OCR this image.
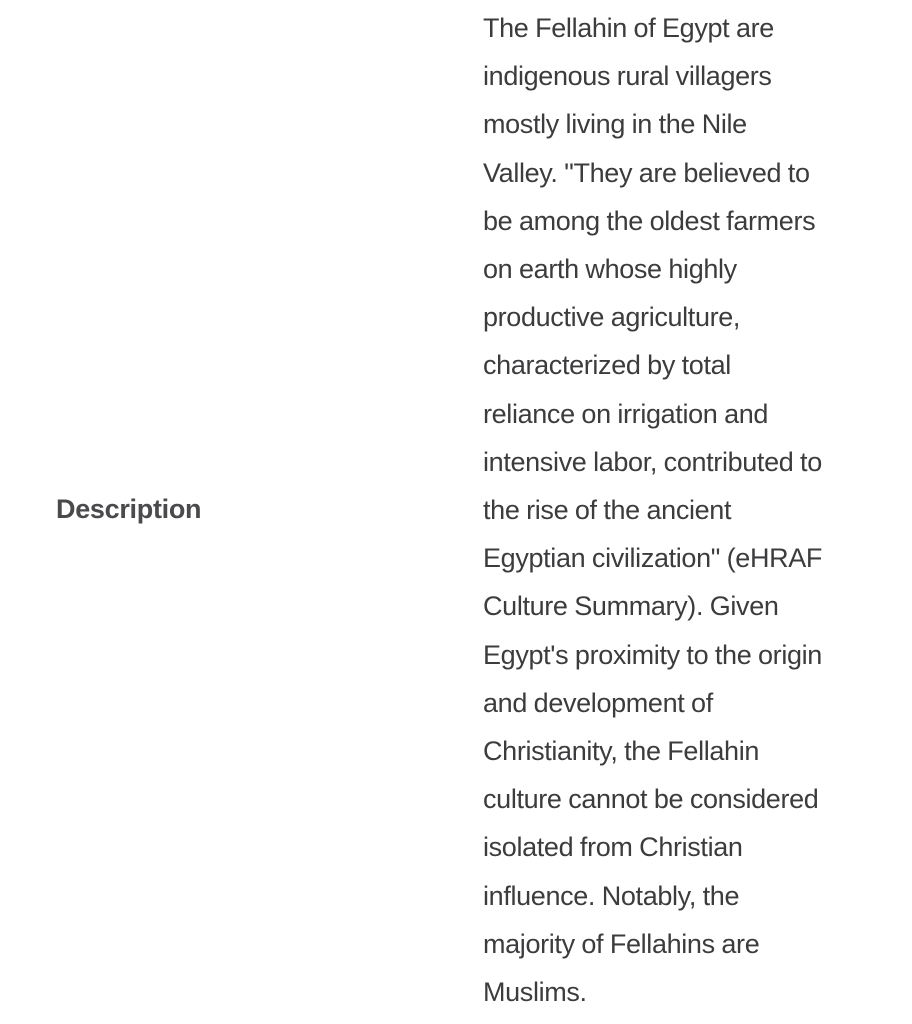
Description
The Fellahin of Egypt are
indigenous rural villagers
mostly living in the Nile
Valley. "They are believed to
be among the oldest farmers
on earth whose highly
productive agriculture,
characterized by total
reliance on irrigation and
intensive labor, contributed to
the rise of the ancient
Egyptian civilization" (eHRAF
Culture Summary). Given
Egypt's proximity to the origin
and development of
Christianity, the Fellahin
culture cannot be considered
isolated from Christian
influence. Notably, the
majority of Fellahins are
Muslims.
